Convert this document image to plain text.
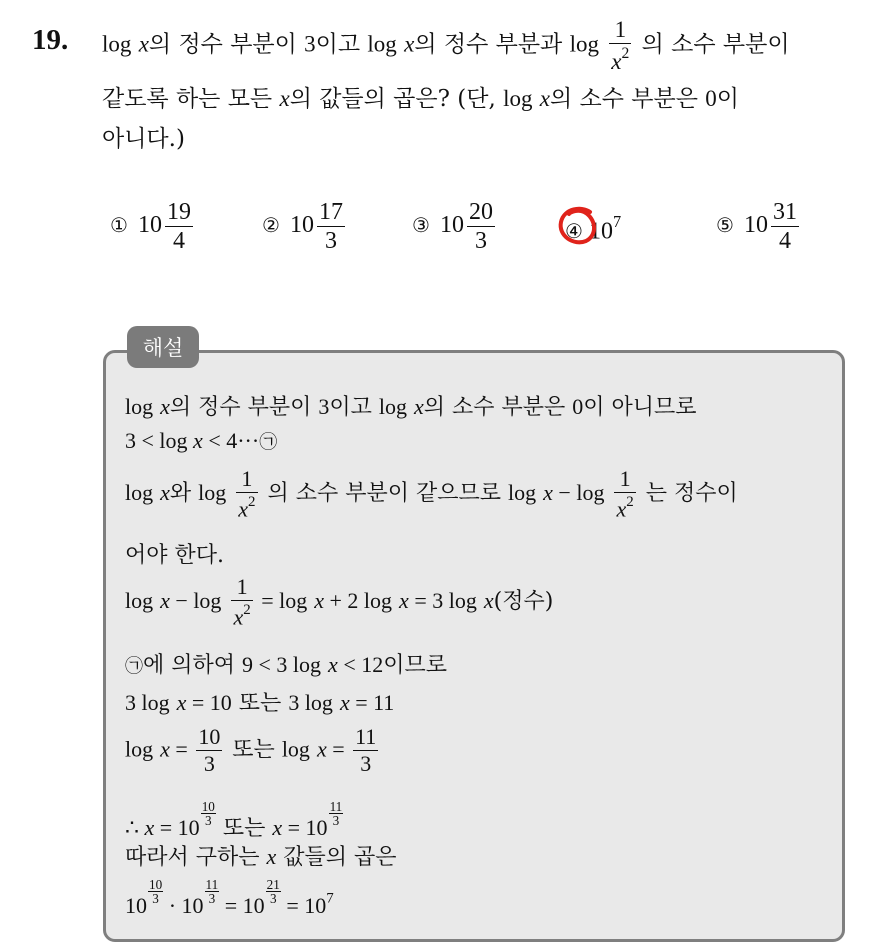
19. log x의 정수 부분이 3이고 log x의 정수 부분과 $\log \frac{1}{x^2}$ 의 소수 부분이
같도록 하는 모든 x의 값들의 곱은? (단, log x의 소수 부분은 0이
아니다.)
① $10 \frac{19}{4}$	② $10 \frac{17}{3}$	③ $10 \frac{20}{3}$	④ $10^7$	⑤ $10 \frac{31}{4}$
해설
log x의 정수 부분이 3이고 log x의 소수 부분은 0이 아니므로
3 < log x < 4···㉠
log x와 $\log \frac{1}{x^2}$ 의 소수 부분이 같으므로 $\log x - \log \frac{1}{x^2}$ 는 정수이
어야 한다.
$\log x - \log \frac{1}{x^2} = \log x + 2$ log x = 3 log x(정수)
㉠에 의하여 9 < 3 log x < 12이므로
3 log x = 10 또는 3 log x = 11
$\log x = \frac{10}{3}$ 또는 $\log x = \frac{11}{3}$
∴ x = 10
$\frac{10}{3}$
또는 x = 10
$\frac{11}{3}$
따라서 구하는 x 값들의 곱은
10
$\frac{10}{3}$
· 10
$\frac{11}{3}$
= 10
$\frac{21}{3}$
= $10^7$
